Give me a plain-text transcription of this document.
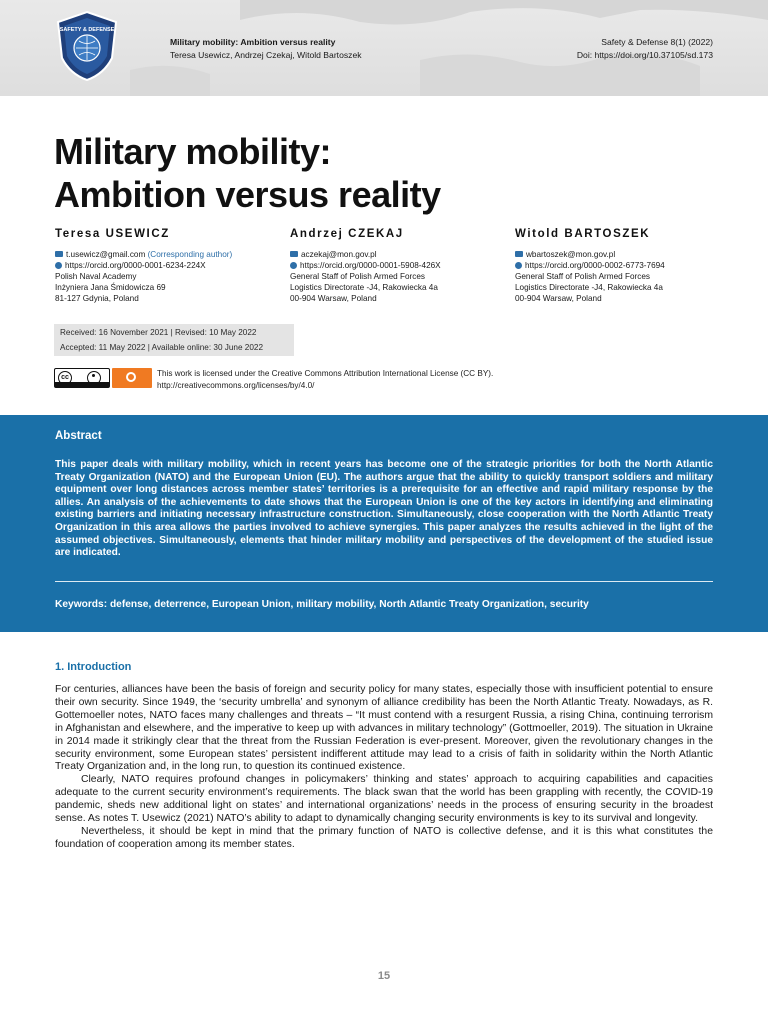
SAFETY & DEFENSE
Military mobility: Ambition versus reality
Teresa Usewicz, Andrzej Czekaj, Witold Bartoszek
Safety & Defense 8(1) (2022)
Doi: https://doi.org/10.37105/sd.173
Military mobility:
Ambition versus reality
Teresa USEWICZ
t.usewicz@gmail.com (Corresponding author)
https://orcid.org/0000-0001-6234-224X
Polish Naval Academy
Inżyniera Jana Śmidowicza 69
81-127 Gdynia, Poland
Andrzej CZEKAJ
aczekaj@mon.gov.pl
https://orcid.org/0000-0001-5908-426X
General Staff of Polish Armed Forces
Logistics Directorate -J4, Rakowiecka 4a
00-904 Warsaw, Poland
Witold BARTOSZEK
wbartoszek@mon.gov.pl
https://orcid.org/0000-0002-6773-7694
General Staff of Polish Armed Forces
Logistics Directorate -J4, Rakowiecka 4a
00-904 Warsaw, Poland
Received: 16 November 2021 | Revised: 10 May 2022
Accepted: 11 May 2022 | Available online: 30 June 2022
cc	This work is licensed under the Creative Commons Attribution International License (CC BY).
http://creativecommons.org/licenses/by/4.0/
Abstract
This paper deals with military mobility, which in recent years has become one of the strategic priorities for both the North Atlantic Treaty Organization (NATO) and the European Union (EU). The authors argue that the ability to quickly transport soldiers and military equipment over long distances across member states’ territories is a prerequisite for an effective and rapid military response by the allies. An analysis of the achievements to date shows that the European Union is one of the key actors in identifying and eliminating existing barriers and initiating necessary infrastructure construction. Simultaneously, close cooperation with the North Atlantic Treaty Organization in this area allows the parties involved to achieve synergies. This paper analyzes the results achieved in the light of the assumed objectives. Simultaneously, elements that hinder military mobility and perspectives of the development of the studied issue are indicated.
Keywords: defense, deterrence, European Union, military mobility, North Atlantic Treaty Organization, security
1. Introduction

For centuries, alliances have been the basis of foreign and security policy for many states, especially those with insufficient potential to ensure their own security. Since 1949, the ‘security umbrella’ and synonym of alliance credibility has been the North Atlantic Treaty. Nowadays, as R. Gottemoeller notes, NATO faces many challenges and threats – “It must contend with a resurgent Russia, a rising China, continuing terrorism in Afghanistan and elsewhere, and the imperative to keep up with advances in military technology” (Gottmoeller, 2019). The situation in Ukraine in 2014 made it strikingly clear that the threat from the Russian Federation is ever-present. Moreover, given the revolutionary changes in the security environment, some European states’ persistent indifferent attitude may lead to a crisis of faith in solidarity within the North Atlantic Treaty Organization and, in the long run, to question its continued existence.

Clearly, NATO requires profound changes in policymakers’ thinking and states’ approach to acquiring capabilities and capacities adequate to the current security environment’s requirements. The black swan that the world has been grappling with recently, the COVID-19 pandemic, sheds new additional light on states’ and international organizations’ needs in the process of ensuring security in the broadest sense. As notes T. Usewicz (2021) NATO’s ability to adapt to dynamically changing security environments is key to its survival and longevity.

Nevertheless, it should be kept in mind that the primary function of NATO is collective defense, and it is this what constitutes the foundation of cooperation among its member states.

15
